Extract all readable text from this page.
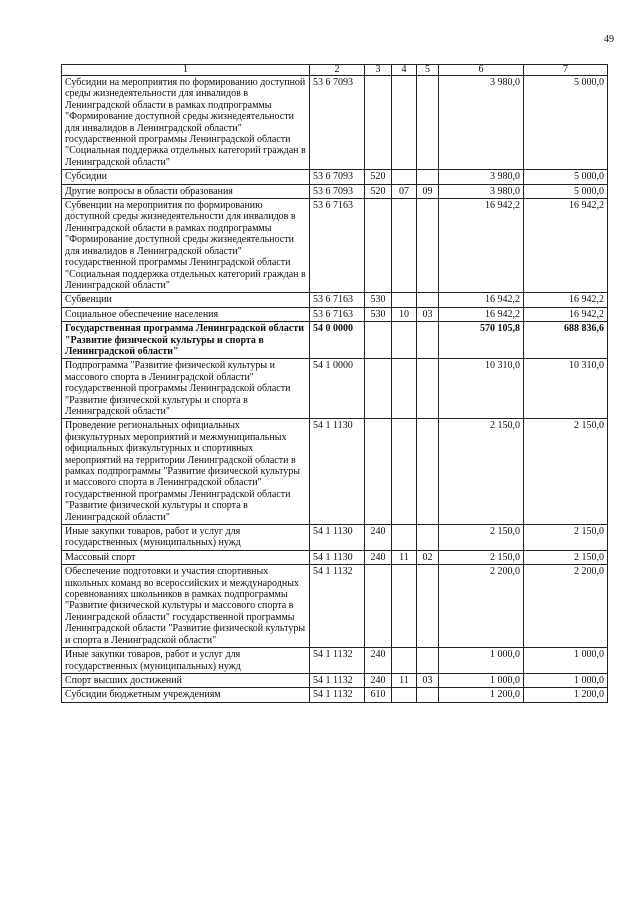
49
1	2	3	4	5	6	7
Субсидии на мероприятия по формированию доступной среды жизнедеятельности для инвалидов в Ленинградской области в рамках подпрограммы "Формирование доступной среды жизнедеятельности для инвалидов в Ленинградской области" государственной программы Ленинградской области "Социальная поддержка отдельных категорий граждан в Ленинградской области"	53 6 7093				3 980,0	5 000,0
Субсидии	53 6 7093	520			3 980,0	5 000,0
Другие вопросы в области образования	53 6 7093	520	07	09	3 980,0	5 000,0
Субвенции на мероприятия по формированию доступной среды жизнедеятельности для инвалидов в Ленинградской области в рамках подпрограммы "Формирование доступной среды жизнедеятельности для инвалидов в Ленинградской области" государственной программы Ленинградской области "Социальная поддержка отдельных категорий граждан в Ленинградской области"	53 6 7163				16 942,2	16 942,2
Субвенции	53 6 7163	530			16 942,2	16 942,2
Социальное обеспечение населения	53 6 7163	530	10	03	16 942,2	16 942,2
Государственная программа Ленинградской области "Развитие физической культуры и спорта в Ленинградской области"	54 0 0000				570 105,8	688 836,6
Подпрограмма "Развитие физической культуры и массового спорта в Ленинградской области" государственной программы Ленинградской области "Развитие физической культуры и спорта в Ленинградской области"	54 1 0000				10 310,0	10 310,0
Проведение региональных официальных физкультурных мероприятий и межмуниципальных официальных физкультурных и спортивных мероприятий на территории Ленинградской области в рамках подпрограммы "Развитие физической культуры и массового спорта в Ленинградской области" государственной программы Ленинградской области "Развитие физической культуры и спорта в Ленинградской области"	54 1 1130				2 150,0	2 150,0
Иные закупки товаров, работ и услуг для государственных (муниципальных) нужд	54 1 1130	240			2 150,0	2 150,0
Массовый спорт	54 1 1130	240	11	02	2 150,0	2 150,0
Обеспечение подготовки и участия спортивных школьных команд во всероссийских и международных соревнованиях школьников в рамках подпрограммы "Развитие физической культуры и массового спорта в Ленинградской области" государственной программы Ленинградской области "Развитие физической культуры и спорта в Ленинградской области"	54 1 1132				2 200,0	2 200,0
Иные закупки товаров, работ и услуг для государственных (муниципальных) нужд	54 1 1132	240			1 000,0	1 000,0
Спорт высших достижений	54 1 1132	240	11	03	1 000,0	1 000,0
Субсидии бюджетным учреждениям	54 1 1132	610			1 200,0	1 200,0
